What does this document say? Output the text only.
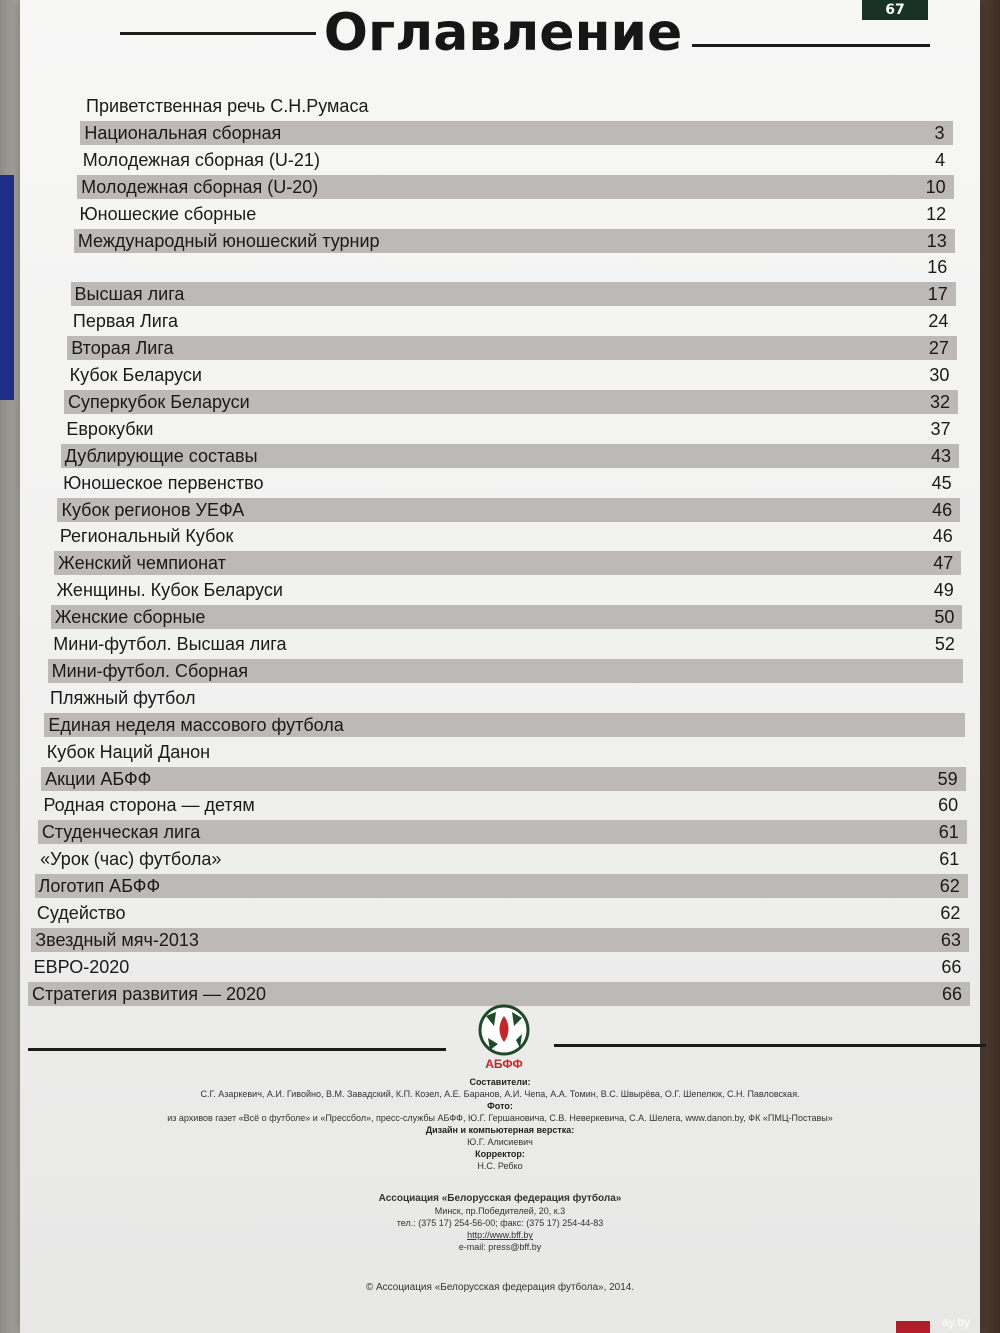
67
Оглавление
Приветственная речь С.Н.Румаса
Национальная сборная	3
Молодежная сборная (U-21)	4
Молодежная сборная (U-20)	10
Юношеские сборные	12
Международный юношеский турнир	13
16
Высшая лига	17
Первая Лига	24
Вторая Лига	27
Кубок Беларуси	30
Суперкубок Беларуси	32
Еврокубки	37
Дублирующие составы	43
Юношеское первенство	45
Кубок регионов УЕФА	46
Региональный Кубок	46
Женский чемпионат	47
Женщины. Кубок Беларуси	49
Женские сборные	50
Мини-футбол. Высшая лига	52
Мини-футбол. Сборная
Пляжный футбол
Единая неделя массового футбола
Кубок Наций Данон
Акции АБФФ	59
Родная сторона — детям	60
Студенческая лига	61
«Урок (час) футбола»	61
Логотип АБФФ	62
Судейство	62
Звездный мяч-2013	63
ЕВРО-2020	66
Стратегия развития — 2020	66
АБФФ
Составители:
С.Г. Азаркевич, А.И. Гивойно, В.М. Завадский, К.П. Козел, А.Е. Баранов, А.И. Чепа, А.А. Томин, В.С. Швырёва, О.Г. Шепелюк, С.Н. Павловская.
Фото:
из архивов газет «Всё о футболе» и «Прессбол», пресс-службы АБФФ, Ю.Г. Гершановича, С.В. Неверкевича, С.А. Шелега, www.danon.by, ФК «ПМЦ-Поставы»
Дизайн и компьютерная верстка:
Ю.Г. Алисиевич
Корректор:
Н.С. Ребко
Ассоциация «Белорусская федерация футбола»
Минск, пр.Победителей, 20, к.3
тел.: (375 17) 254-56-00; факс: (375 17) 254-44-83
http://www.bff.by
e-mail: press@bff.by
© Ассоциация «Белорусская федерация футбола», 2014.
ay.by
